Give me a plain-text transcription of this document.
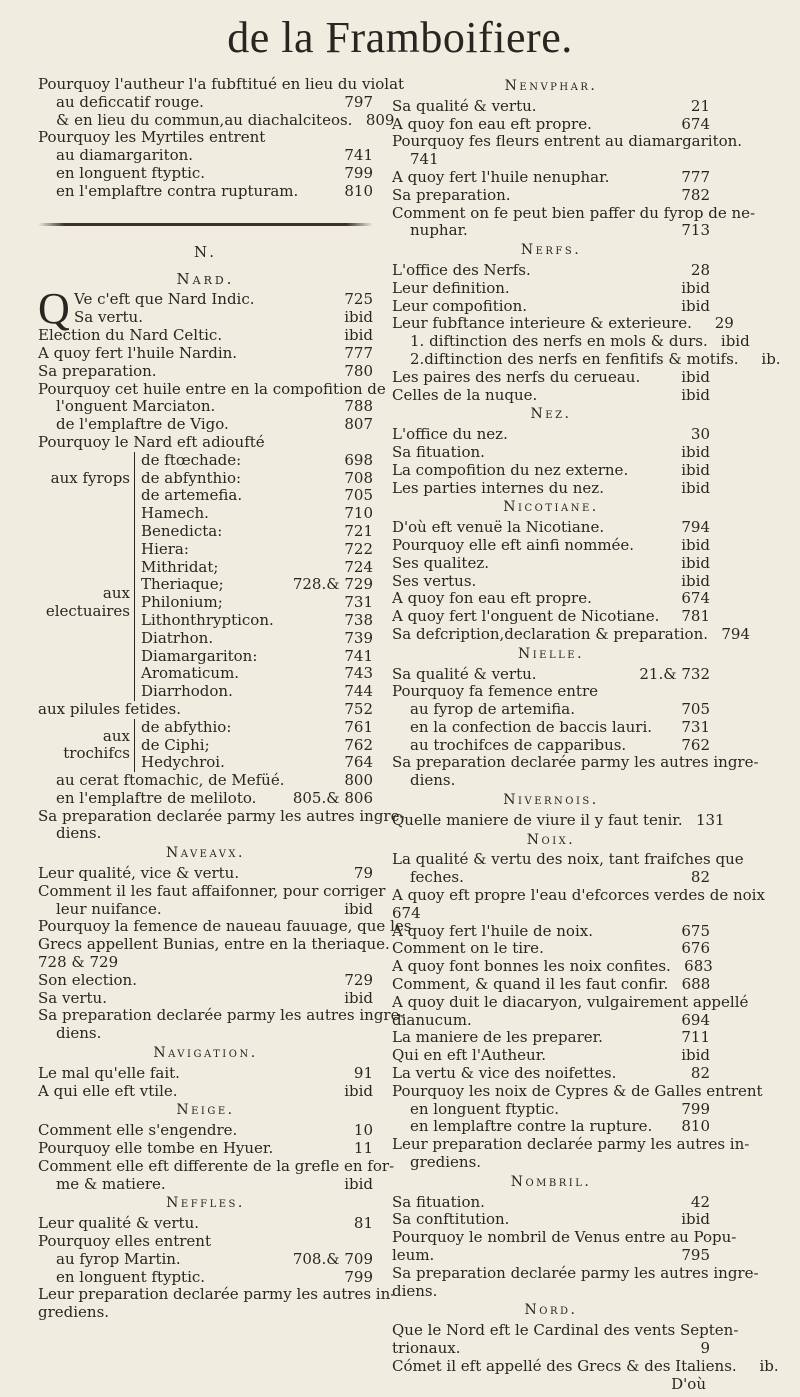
de la Framboifiere.
Pourquoy l'autheur l'a fubftitué en lieu du violat
au deficcatif rouge.	797
& en lieu du commun,au diachalciteos. 809
Pourquoy les Myrtiles entrent
au diamargariton.	741
en longuent ftyptic.	799
en l'emplaftre contra rupturam.	810
N.
Nard.
Q Ve c'eft que Nard Indic.	725
Sa vertu.	ibid
Election du Nard Celtic.	ibid
A quoy fert l'huile Nardin.	777
Sa preparation.	780
Pourquoy cet huile entre en la compofition de
l'onguent Marciaton.	788
de l'emplaftre de Vigo.	807
Pourquoy le Nard eft adioufté
aux fyrops
de ftœchade:	698
de abfynthio:	708
de artemefia.	705
aux electuaires
Hamech.	710
Benedicta:	721
Hiera:	722
Mithridat;	724
Theriaque;	728.& 729
Philonium;	731
Lithonthrypticon.	738
Diatrhon.	739
Diamargariton:	741
Aromaticum.	743
Diarrhodon.	744
aux pilules fetides.	752
aux trochifcs
de abfythio:	761
de Ciphi;	762
Hedychroi.	764
au cerat ftomachic, de Mefüé.	800
en l'emplaftre de meliloto.	805.& 806
Sa preparation declarée parmy les autres ingre-
diens.
Naveavx.
Leur qualité, vice & vertu.	79
Comment il les faut affaifonner, pour corriger
leur nuifance.	ibid
Pourquoy la femence de naueau fauuage, que les
Grecs appellent Bunias, entre en la theriaque.
728 & 729
Son election.	729
Sa vertu.	ibid
Sa preparation declarée parmy les autres ingre-
diens.
Navigation.
Le mal qu'elle fait.	91
A qui elle eft vtile.	ibid
Neige.
Comment elle s'engendre.	10
Pourquoy elle tombe en Hyuer.	11
Comment elle eft differente de la grefle en for-
me & matiere.	ibid
Neffles.
Leur qualité & vertu.	81
Pourquoy elles entrent
au fyrop Martin.	708.& 709
en longuent ftyptic.	799
Leur preparation declarée parmy les autres in-
grediens.
Nenvphar.
Sa qualité & vertu.	21
A quoy fon eau eft propre.	674
Pourquoy fes fleurs entrent au diamargariton.
741
A quoy fert l'huile nenuphar.	777
Sa preparation.	782
Comment on fe peut bien paffer du fyrop de ne-
nuphar.	713
Nerfs.
L'office des Nerfs.	28
Leur definition.	ibid
Leur compofition.	ibid
Leur fubftance interieure & exterieure.	29
1. diftinction des nerfs en mols & durs. ibid
2.diftinction des nerfs en fenfitifs & motifs.	ib.
Les paires des nerfs du cerueau.	ibid
Celles de la nuque.	ibid
Nez.
L'office du nez.	30
Sa fituation.	ibid
La compofition du nez externe.	ibid
Les parties internes du nez.	ibid
Nicotiane.
D'où eft venuë la Nicotiane.	794
Pourquoy elle eft ainfi nommée.	ibid
Ses qualitez.	ibid
Ses vertus.	ibid
A quoy fon eau eft propre.	674
A quoy fert l'onguent de Nicotiane.	781
Sa defcription,declaration & preparation. 794
Nielle.
Sa qualité & vertu.	21.& 732
Pourquoy fa femence entre
au fyrop de artemifia.	705
en la confection de baccis lauri.	731
au trochifces de capparibus.	762
Sa preparation declarée parmy les autres ingre-
diens.
Nivernois.
Quelle maniere de viure il y faut tenir. 131
Noix.
La qualité & vertu des noix, tant fraifches que
feches.	82
A quoy eft propre l'eau d'efcorces verdes de noix
674
A quoy fert l'huile de noix.	675
Comment on le tire.	676
A quoy font bonnes les noix confites. 683
Comment, & quand il les faut confir. 688
A quoy duit le diacaryon, vulgairement appellé
dianucum.	694
La maniere de les preparer.	711
Qui en eft l'Autheur.	ibid
La vertu & vice des noifettes.	82
Pourquoy les noix de Cypres & de Galles entrent
en longuent ftyptic.	799
en lemplaftre contre la rupture.	810
Leur preparation declarée parmy les autres in-
grediens.
Nombril.
Sa fituation.	42
Sa conftitution.	ibid
Pourquoy le nombril de Venus entre au Popu-
leum.	795
Sa preparation declarée parmy les autres ingre-
diens.
Nord.
Que le Nord eft le Cardinal des vents Septen-
trionaux.	9
Cómet il eft appellé des Grecs & des Italiens.	ib.
D'où
